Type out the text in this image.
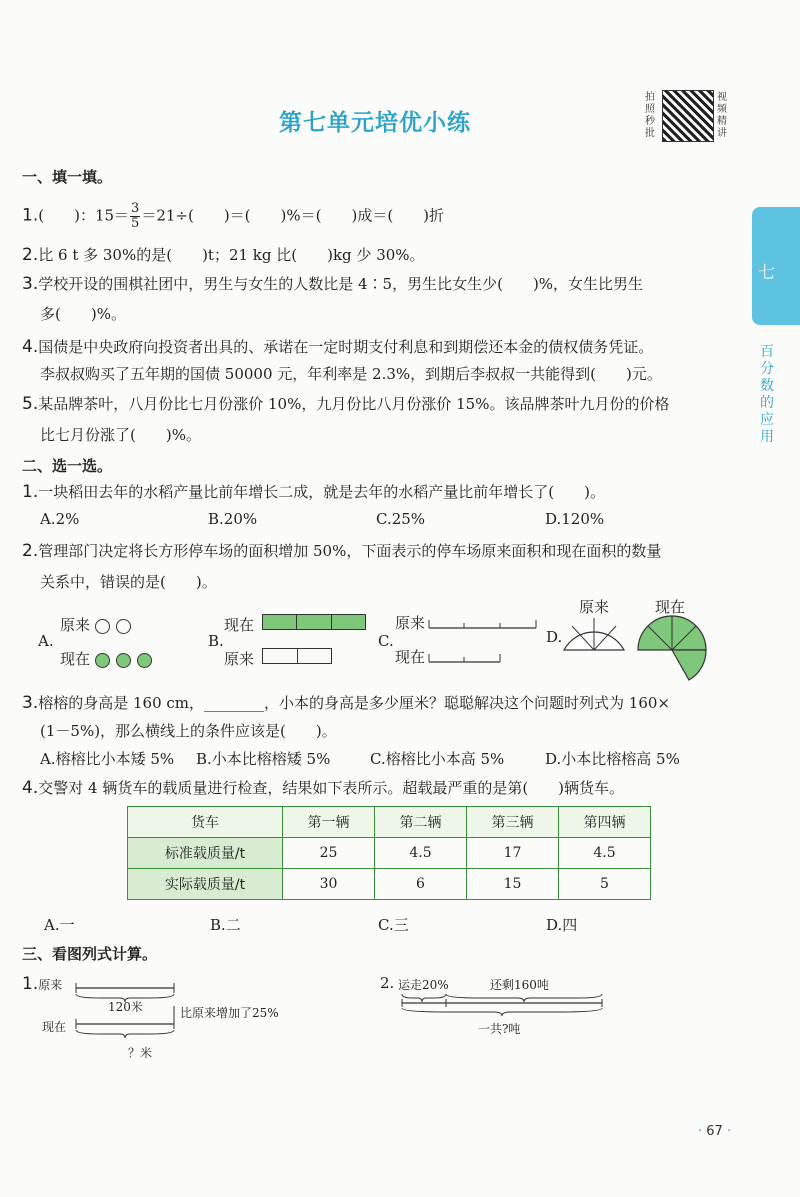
第七单元培优小练
拍照秒批
视频精讲
七
百分数的应用
一、填一填。
1.(　　)：$15= \frac{3}{5} =21\div$(　　)＝(　　)%＝(　　)成＝(　　)折
2.比 6 t 多 30%的是(　　)t；21 kg 比(　　)kg 少 30%。
3.学校开设的围棋社团中，男生与女生的人数比是 4∶5，男生比女生少(　　)%，女生比男生
多(　　)%。
4.国债是中央政府向投资者出具的、承诺在一定时期支付利息和到期偿还本金的债权债务凭证。
李叔叔购买了五年期的国债 50000 元，年利率是 2.3%，到期后李叔叔一共能得到(　　)元。
5.某品牌茶叶，八月份比七月份涨价 10%，九月份比八月份涨价 15%。该品牌茶叶九月份的价格
比七月份涨了(　　)%。
二、选一选。
1.一块稻田去年的水稻产量比前年增长二成，就是去年的水稻产量比前年增长了(　　)。
A.2%	B.20%	C.25%	D.120%
2.管理部门决定将长方形停车场的面积增加 50%，下面表示的停车场原来面积和现在面积的数量
关系中，错误的是(　　)。
A.
原来
现在
B.
现在
原来
C.
原来
现在
D.
原来	现在
3.榕榕的身高是 160 cm，________，小本的身高是多少厘米？聪聪解决这个问题时列式为 160×
(1－5%)，那么横线上的条件应该是(　　)。
A.榕榕比小本矮 5% B.小本比榕榕矮 5%	C.榕榕比小本高 5%	D.小本比榕榕高 5%
4.交警对 4 辆货车的载质量进行检查，结果如下表所示。超载最严重的是第(　　)辆货车。
货车	第一辆	第二辆	第三辆	第四辆
标准载质量/t	25	4.5	17	4.5
实际载质量/t	30	6	15	5
A.一	B.二	C.三	D.四
三、看图列式计算。
1.原来
现在
120米	比原来增加了25%
？米
2. 运走20%	还剩160吨
一共?吨
· 67 ·
